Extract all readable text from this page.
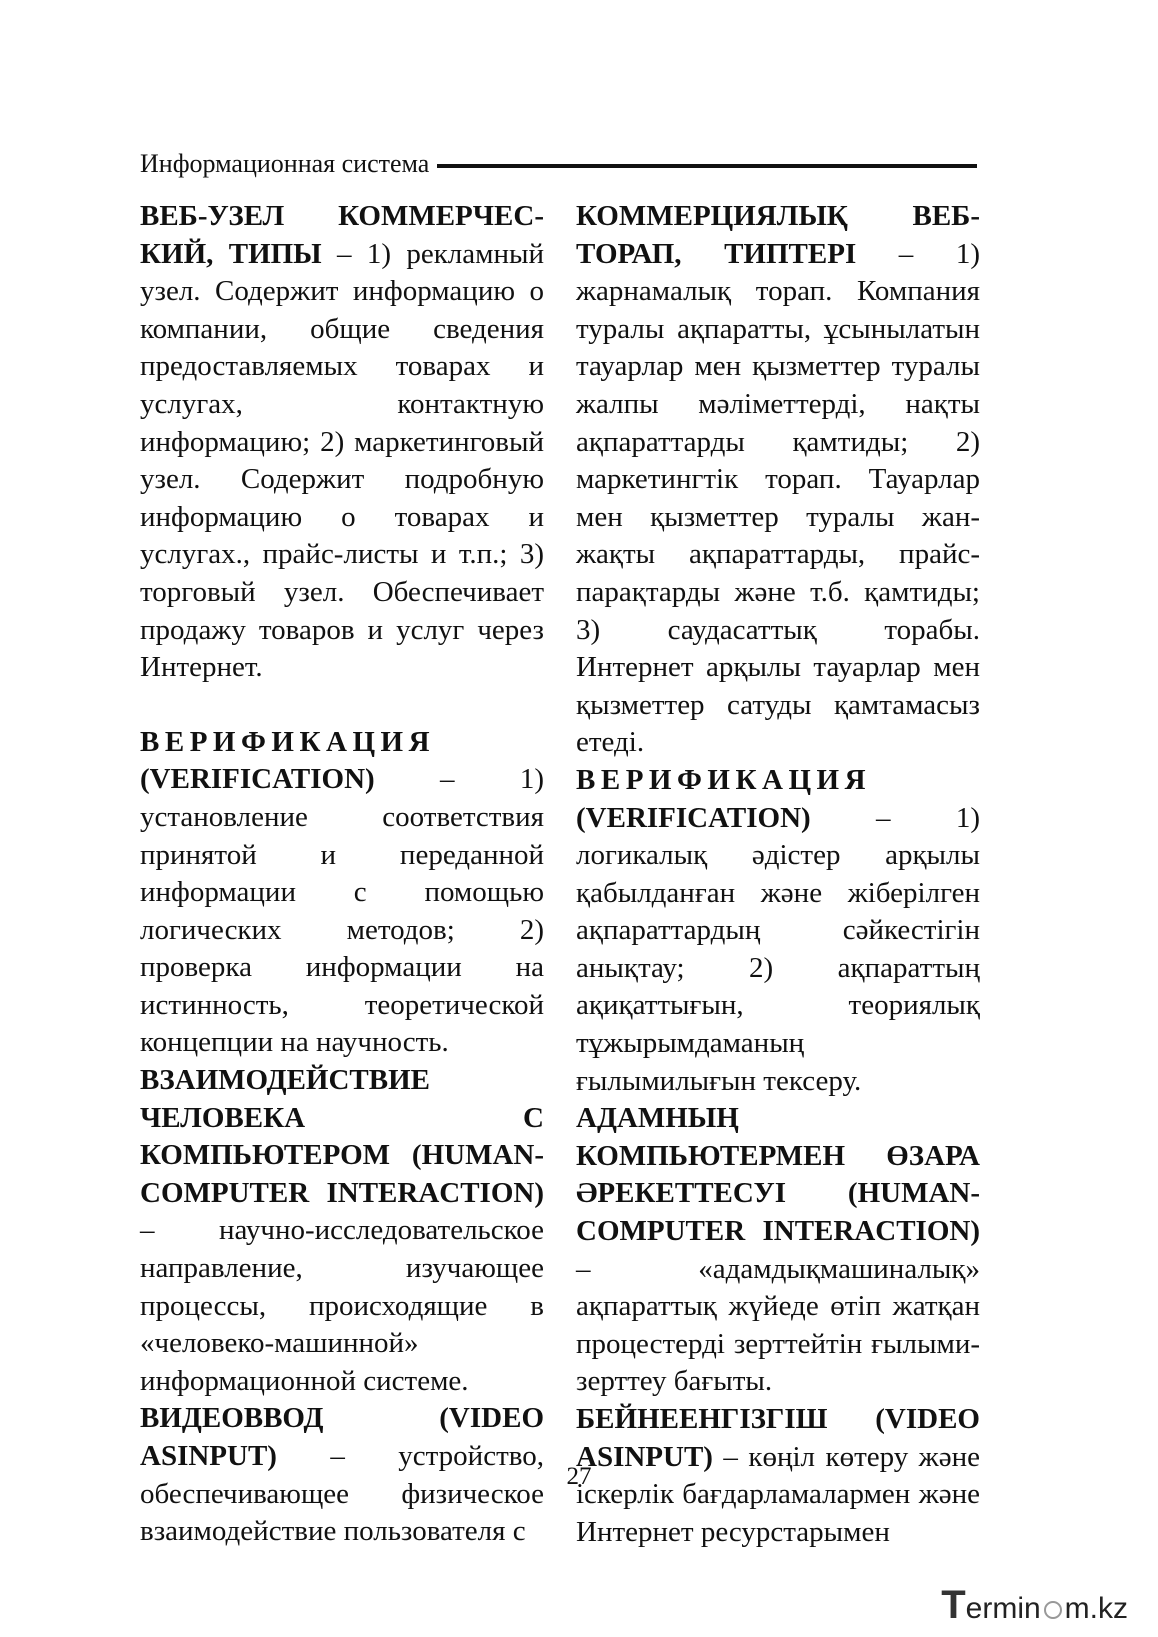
Информационная система

ВЕБ-УЗЕЛ КОММЕРЧЕС-КИЙ, ТИПЫ – 1) рекламный узел. Содержит информацию о компании, общие сведения предоставляемых товарах и услугах, контактную информацию; 2) маркетинговый узел. Содержит подробную информацию о товарах и услугах., прайс-листы и т.п.; 3) торговый узел. Обеспечивает продажу товаров и услуг через Интернет.

ВЕРИФИКАЦИЯ (VERIFICATION) – 1) установление соответствия принятой и переданной информации с помощью логических методов; 2) проверка информации на истинность, теоретической концепции на научность.

ВЗАИМОДЕЙСТВИЕ ЧЕЛОВЕКА С КОМПЬЮТЕРОМ (HUMAN-COMPUTER INTERACTION) – научно-исследовательское направление, изучающее процессы, происходящие в «человеко-машинной» информационной системе.

ВИДЕОВВОД (VIDEO ASINPUT) – устройство, обеспечивающее физическое взаимодействие пользователя с

КОММЕРЦИЯЛЫҚ ВЕБ-ТОРАП, ТИПТЕРІ – 1) жарнамалық торап. Компания туралы ақпаратты, ұсынылатын тауарлар мен қызметтер туралы жалпы мәліметтерді, нақты ақпараттарды қамтиды; 2) маркетингтік торап. Тауарлар мен қызметтер туралы жан-жақты ақпараттарды, прайс-парақтарды және т.б. қамтиды; 3) саудасаттық торабы. Интернет арқылы тауарлар мен қызметтер сатуды қамтамасыз етеді.

ВЕРИФИКАЦИЯ (VERIFICATION) – 1) логикалық әдістер арқылы қабылданған және жіберілген ақпараттардың сәйкестігін анықтау; 2) ақпараттың ақиқаттығын, теориялық тұжырымдаманың ғылымилығын тексеру.

АДАМНЫҢ КОМПЬЮТЕРМЕН ӨЗАРА ӘРЕКЕТТЕСУІ (HUMAN-COMPUTER INTERACTION) – «адамдықмашиналық» ақпараттық жүйеде өтіп жатқан процестерді зерттейтін ғылыми-зерттеу бағыты.

БЕЙНЕЕНГІЗГІШ (VIDEO ASINPUT) – көңіл көтеру және іскерлік бағдарламалармен және Интернет ресурстарымен

27
T ermin m.kz
